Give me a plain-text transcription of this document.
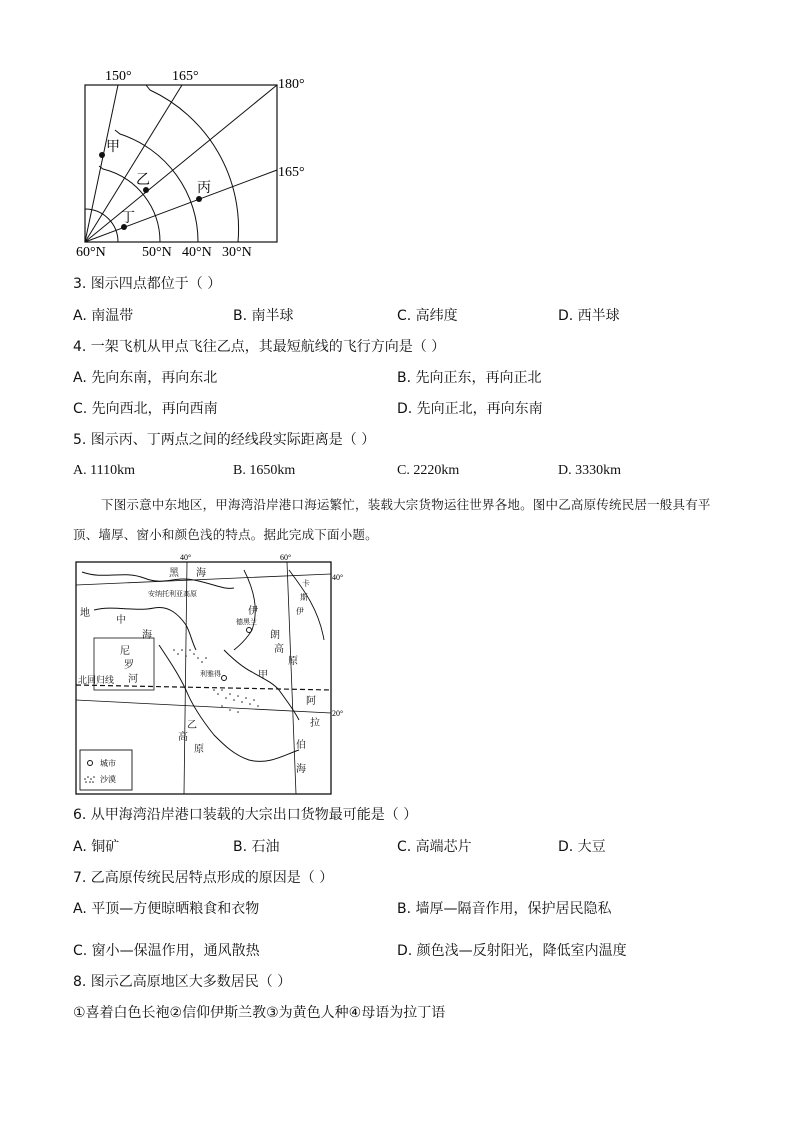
150°	165°
180°
165°
60°N	50°N 40°N 30°N
甲
乙	丙
丁
3. 图示四点都位于（ ）
A. 南温带	B. 南半球	C. 高纬度	D. 西半球
4. 一架飞机从甲点飞往乙点，其最短航线的飞行方向是（ ）
A. 先向东南，再向东北	B. 先向正东，再向正北
C. 先向西北，再向西南	D. 先向正北，再向东南
5. 图示丙、丁两点之间的经线段实际距离是（ ）
A. 1110km	B. 1650km	C. 2220km	D. 3330km
下图示意中东地区，甲海湾沿岸港口海运繁忙，装载大宗货物运往世界各地。图中乙高原传统民居一般具有平顶、墙厚、窗小和颜色浅的特点。据此完成下面小题。
40°	60°
40°
20°
黑 海
安纳托利亚高原
伊
朗
高
原
中
海
地
尼
罗
河
乙
高
原
甲
阿
拉
伯
海
北回归线
利雅得
德黑兰
卡
斯
伊
城市
沙漠
6. 从甲海湾沿岸港口装载的大宗出口货物最可能是（ ）
A. 铜矿	B. 石油	C. 高端芯片	D. 大豆
7. 乙高原传统民居特点形成的原因是（ ）
A. 平顶—方便晾晒粮食和衣物	B. 墙厚—隔音作用，保护居民隐私
C. 窗小—保温作用，通风散热	D. 颜色浅—反射阳光，降低室内温度
8. 图示乙高原地区大多数居民（ ）
①喜着白色长袍②信仰伊斯兰教③为黄色人种④母语为拉丁语
